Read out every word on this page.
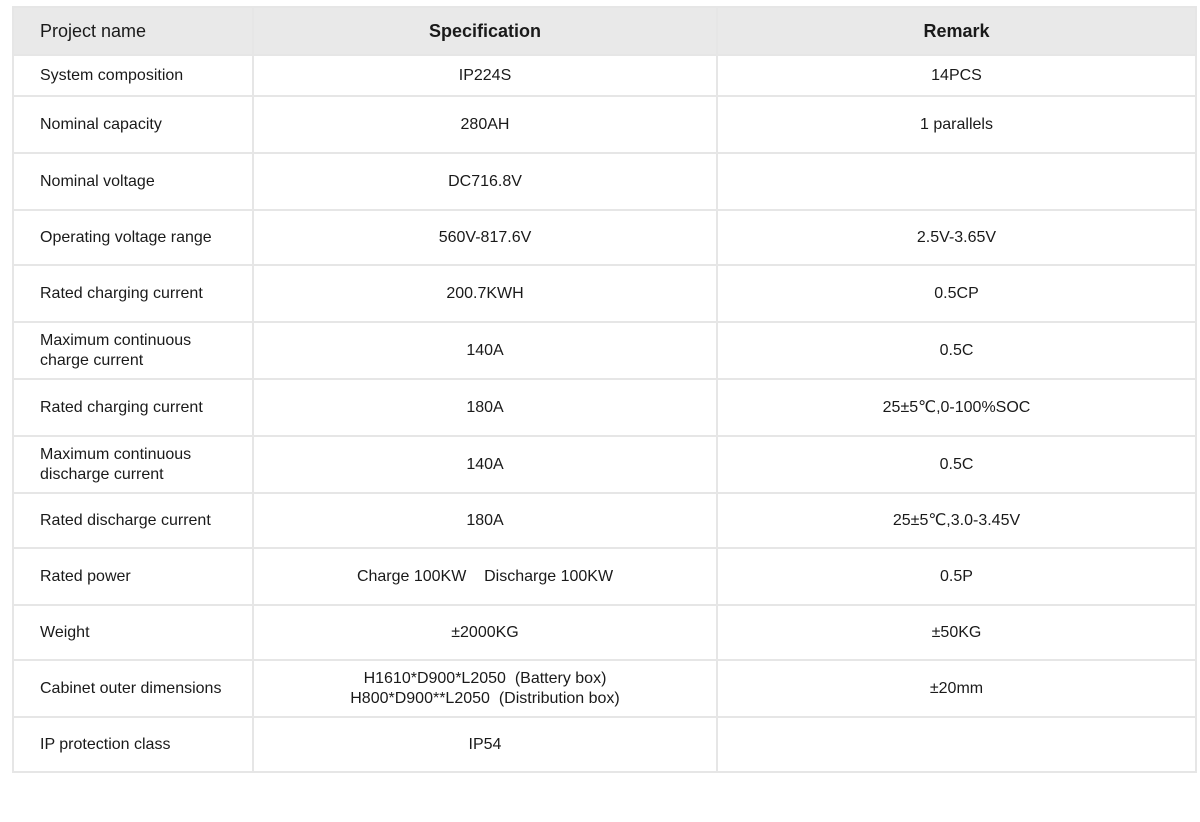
Project name	Specification	Remark

System composition	IP224S	14PCS

Nominal capacity	280AH	1 parallels

Nominal voltage	DC716.8V	

Operating voltage range	560V-817.6V	2.5V-3.65V

Rated charging current	200.7KWH	0.5CP

Maximum continuous
charge current	140A	0.5C

Rated charging current	180A	25±5℃,0-100%SOC

Maximum continuous
discharge current	140A	0.5C

Rated discharge current	180A	25±5℃,3.0-3.45V

Rated power	Charge 100KW    Discharge 100KW	0.5P

Weight	±2000KG	±50KG

Cabinet outer dimensions	H1610*D900*L2050  (Battery box)
H800*D900**L2050  (Distribution box)	±20mm

IP protection class	IP54	
